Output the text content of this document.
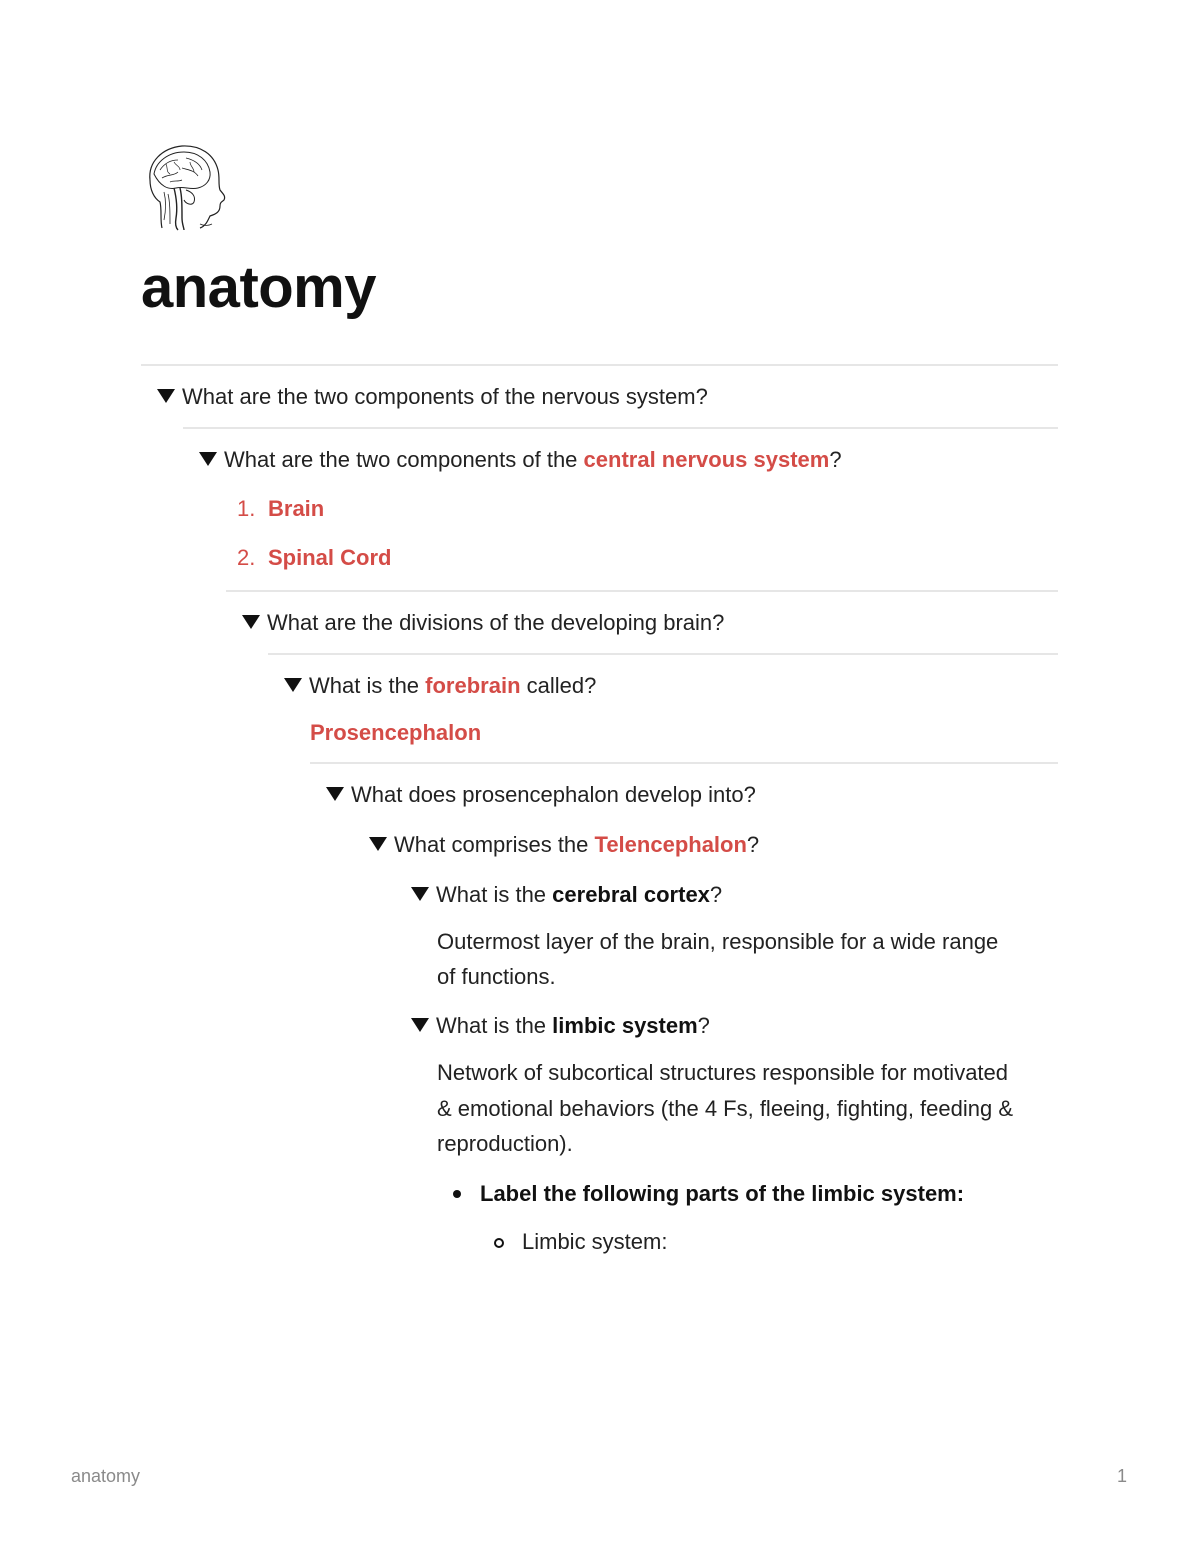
anatomy
What are the two components of the nervous system?
What are the two components of the central nervous system?
1. Brain
2. Spinal Cord
What are the divisions of the developing brain?
What is the forebrain called?
Prosencephalon
What does prosencephalon develop into?
What comprises the Telencephalon?
What is the cerebral cortex?
Outermost layer of the brain, responsible for a wide range
of functions.
What is the limbic system?
Network of subcortical structures responsible for motivated
& emotional behaviors (the 4 Fs, fleeing, fighting, feeding &
reproduction).
Label the following parts of the limbic system:
Limbic system:
anatomy	1
